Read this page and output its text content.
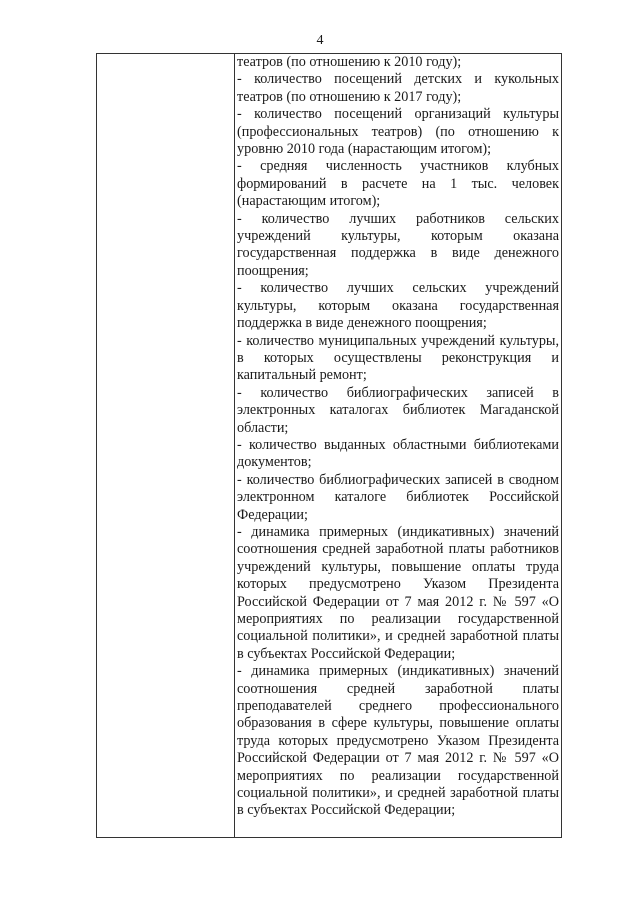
4

театров (по отношению к 2010 году);

- количество посещений детских и кукольных театров (по отношению к 2017 году);

- количество посещений организаций культуры (профессиональных театров) (по отношению к уровню 2010 года (нарастающим итогом);

- средняя численность участников клубных формирований в расчете на 1 тыс. человек (нарастающим итогом);

- количество лучших работников сельских учреждений культуры, которым оказана государственная поддержка в виде денежного поощрения;

- количество лучших сельских учреждений культуры, которым оказана государственная поддержка в виде денежного поощрения;

- количество муниципальных учреждений культуры, в которых осуществлены реконструкция и капитальный ремонт;

- количество библиографических записей в электронных каталогах библиотек Магаданской области;

- количество выданных областными библиотеками документов;

- количество библиографических записей в сводном электронном каталоге библиотек Российской Федерации;

- динамика примерных (индикативных) значений соотношения средней заработной платы работников учреждений культуры, повышение оплаты труда которых предусмотрено Указом Президента Российской Федерации от 7 мая 2012 г. № 597 «О мероприятиях по реализации государственной социальной политики», и средней заработной платы в субъектах Российской Федерации;

- динамика примерных (индикативных) значений соотношения средней заработной платы преподавателей среднего профессионального образования в сфере культуры, повышение оплаты труда которых предусмотрено Указом Президента Российской Федерации от 7 мая 2012 г. № 597 «О мероприятиях по реализации государственной социальной политики», и средней заработной платы в субъектах Российской Федерации;
